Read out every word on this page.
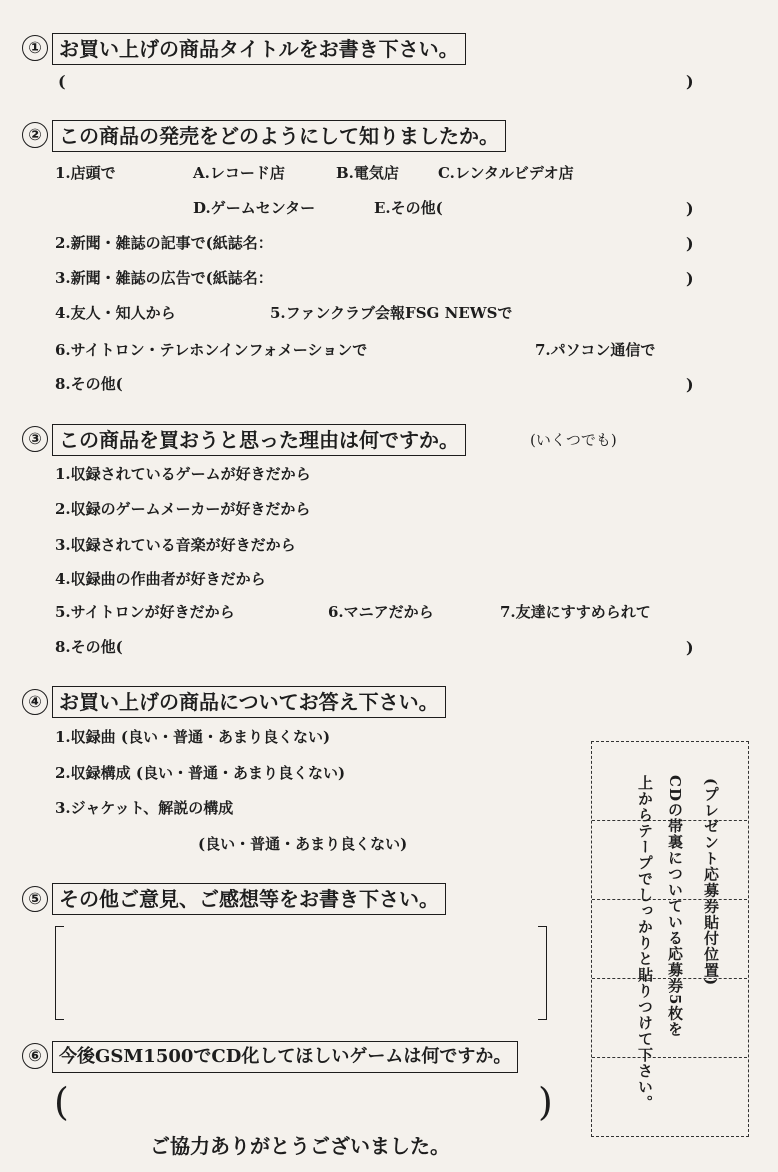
① お買い上げの商品タイトルをお書き下さい。
(	)
② この商品の発売をどのようにして知りましたか。
1.店頭で	A.レコード店	B.電気店	C.レンタルビデオ店
D.ゲームセンター	E.その他(	)
2.新聞・雑誌の記事で(紙誌名：	)
3.新聞・雑誌の広告で(紙誌名：	)
4.友人・知人から	5.ファンクラブ会報FSG NEWSで
6.サイトロン・テレホンインフォメーションで	7.パソコン通信で
8.その他(	)
③ この商品を買おうと思った理由は何ですか。	(いくつでも)
1.収録されているゲームが好きだから
2.収録のゲームメーカーが好きだから
3.収録されている音楽が好きだから
4.収録曲の作曲者が好きだから
5.サイトロンが好きだから	6.マニアだから	7.友達にすすめられて
8.その他(	)
④ お買い上げの商品についてお答え下さい。
1.収録曲 (良い・普通・あまり良くない)
2.収録構成 (良い・普通・あまり良くない)
3.ジャケット、解説の構成
(良い・普通・あまり良くない)
⑤ その他ご意見、ご感想等をお書き下さい。
⑥ 今後GSM1500でCD化してほしいゲームは何ですか。
(	)
ご協力ありがとうございました。
(プレゼント応募券貼付位置)
CDの帯裏についている応募券5枚を
上からテープでしっかりと貼りつけて下さい。
